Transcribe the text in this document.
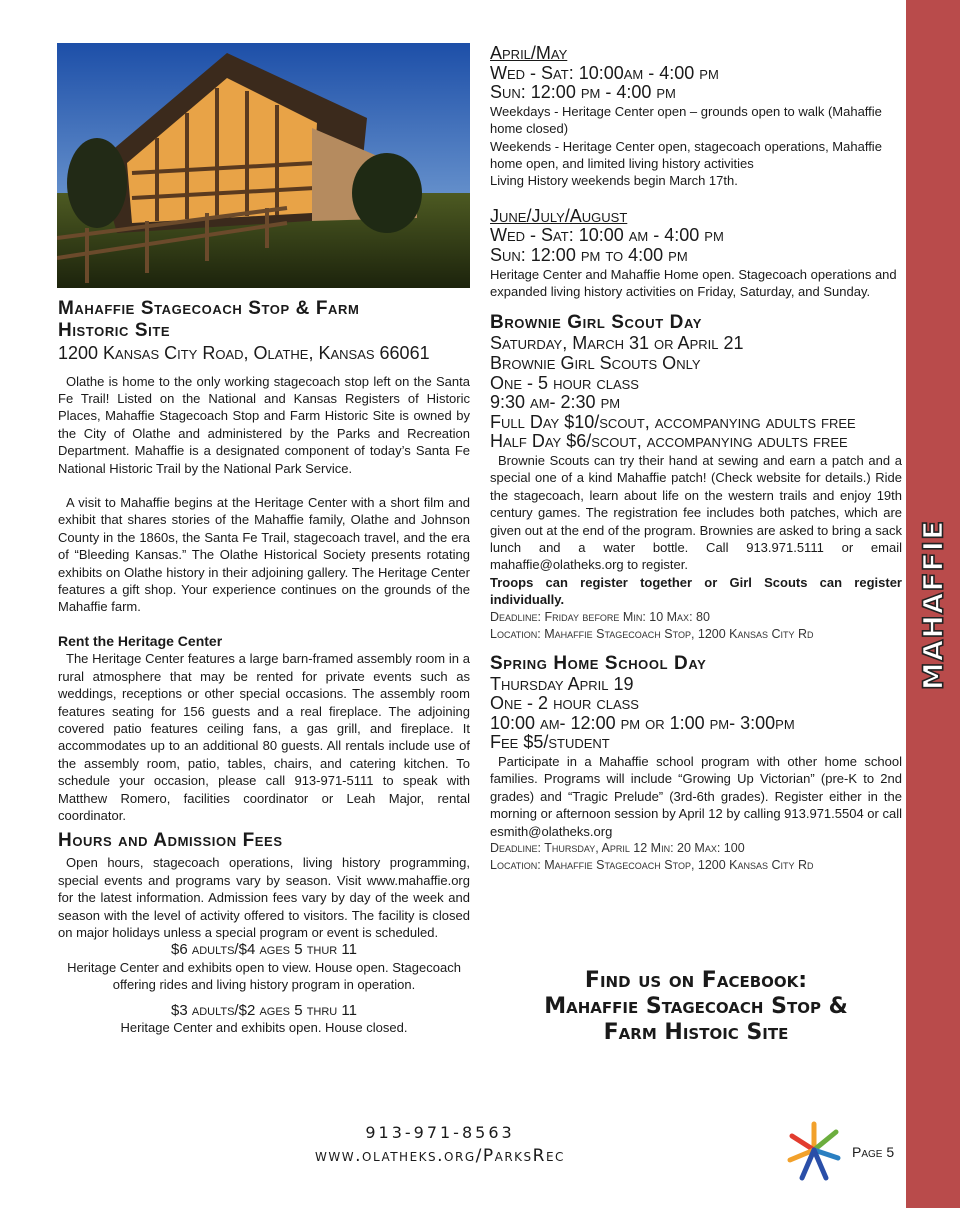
MAHAFFIE
Mahaffie Stagecoach Stop & Farm
Historic Site
1200 Kansas City Road, Olathe, Kansas 66061

Olathe is home to the only working stagecoach stop left on the Santa Fe Trail! Listed on the National and Kansas Registers of Historic Places, Mahaffie Stagecoach Stop and Farm Historic Site is owned by the City of Olathe and administered by the Parks and Recreation Department. Mahaffie is a designated component of today’s Santa Fe National Historic Trail by the National Park Service.

A visit to Mahaffie begins at the Heritage Center with a short film and exhibit that shares stories of the Mahaffie family, Olathe and Johnson County in the 1860s, the Santa Fe Trail, stagecoach travel, and the era of “Bleeding Kansas.” The Olathe Historical Society presents rotating exhibits on Olathe history in their adjoining gallery. The Heritage Center features a gift shop. Your experience continues on the grounds of the Mahaffie farm.

Rent the Heritage Center

The Heritage Center features a large barn-framed assembly room in a rural atmosphere that may be rented for private events such as weddings, receptions or other special occasions. The assembly room features seating for 156 guests and a real fireplace. The adjoining covered patio features ceiling fans, a gas grill, and fireplace. It accommodates up to an additional 80 guests. All rentals include use of the assembly room, patio, tables, chairs, and catering kitchen. To schedule your occasion, please call 913-971-5111 to speak with Matthew Romero, facilities coordinator or Leah Major, rental coordinator.

Hours and Admission Fees

Open hours, stagecoach operations, living history programming, special events and programs vary by season. Visit www.mahaffie.org for the latest information. Admission fees vary by day of the week and season with the level of activity offered to visitors. The facility is closed on major holidays unless a special program or event is scheduled.

$6 adults/$4 ages 5 thur 11

Heritage Center and exhibits open to view. House open. Stagecoach offering rides and living history program in operation.

$3 adults/$2 ages 5 thru 11

Heritage Center and exhibits open. House closed.

April/May
Wed - Sat: 10:00am - 4:00 pm
Sun: 12:00 pm - 4:00 pm

Weekdays - Heritage Center open – grounds open to walk (Mahaffie home closed)

Weekends - Heritage Center open, stagecoach operations, Mahaffie home open, and limited living history activities

Living History weekends begin March 17th.

June/July/August
Wed - Sat: 10:00 am - 4:00 pm
Sun: 12:00 pm to 4:00 pm

Heritage Center and Mahaffie Home open. Stagecoach operations and expanded living history activities on Friday, Saturday, and Sunday.

Brownie Girl Scout Day
Saturday, March 31 or April 21
Brownie Girl Scouts Only
One - 5 hour class
9:30 am- 2:30 pm
Full Day $10/scout, accompanying adults free
Half Day $6/scout, accompanying adults free

Brownie Scouts can try their hand at sewing and earn a patch and a special one of a kind Mahaffie patch! (Check website for details.) Ride the stagecoach, learn about life on the western trails and enjoy 19th century games. The registration fee includes both patches, which are given out at the end of the program. Brownies are asked to bring a sack lunch and a water bottle. Call 913.971.5111 or email mahaffie@olatheks.org to register.

Troops can register together or Girl Scouts can register individually.

Deadline: Friday before Min: 10 Max: 80

Location: Mahaffie Stagecoach Stop, 1200 Kansas City Rd

Spring Home School Day
Thursday April 19
One - 2 hour class
10:00 am- 12:00 pm or 1:00 pm- 3:00pm
Fee $5/student

Participate in a Mahaffie school program with other home school families. Programs will include “Growing Up Victorian” (pre-K to 2nd grades) and “Tragic Prelude” (3rd-6th grades). Register either in the morning or afternoon session by April 12 by calling 913.971.5504 or call esmith@olatheks.org

Deadline: Thursday, April 12 Min: 20 Max: 100

Location: Mahaffie Stagecoach Stop, 1200 Kansas City Rd

Find us on Facebook:
Mahaffie Stagecoach Stop &
Farm Histoic Site
913-971-8563
www.olatheks.org/ParksRec	Page 5
